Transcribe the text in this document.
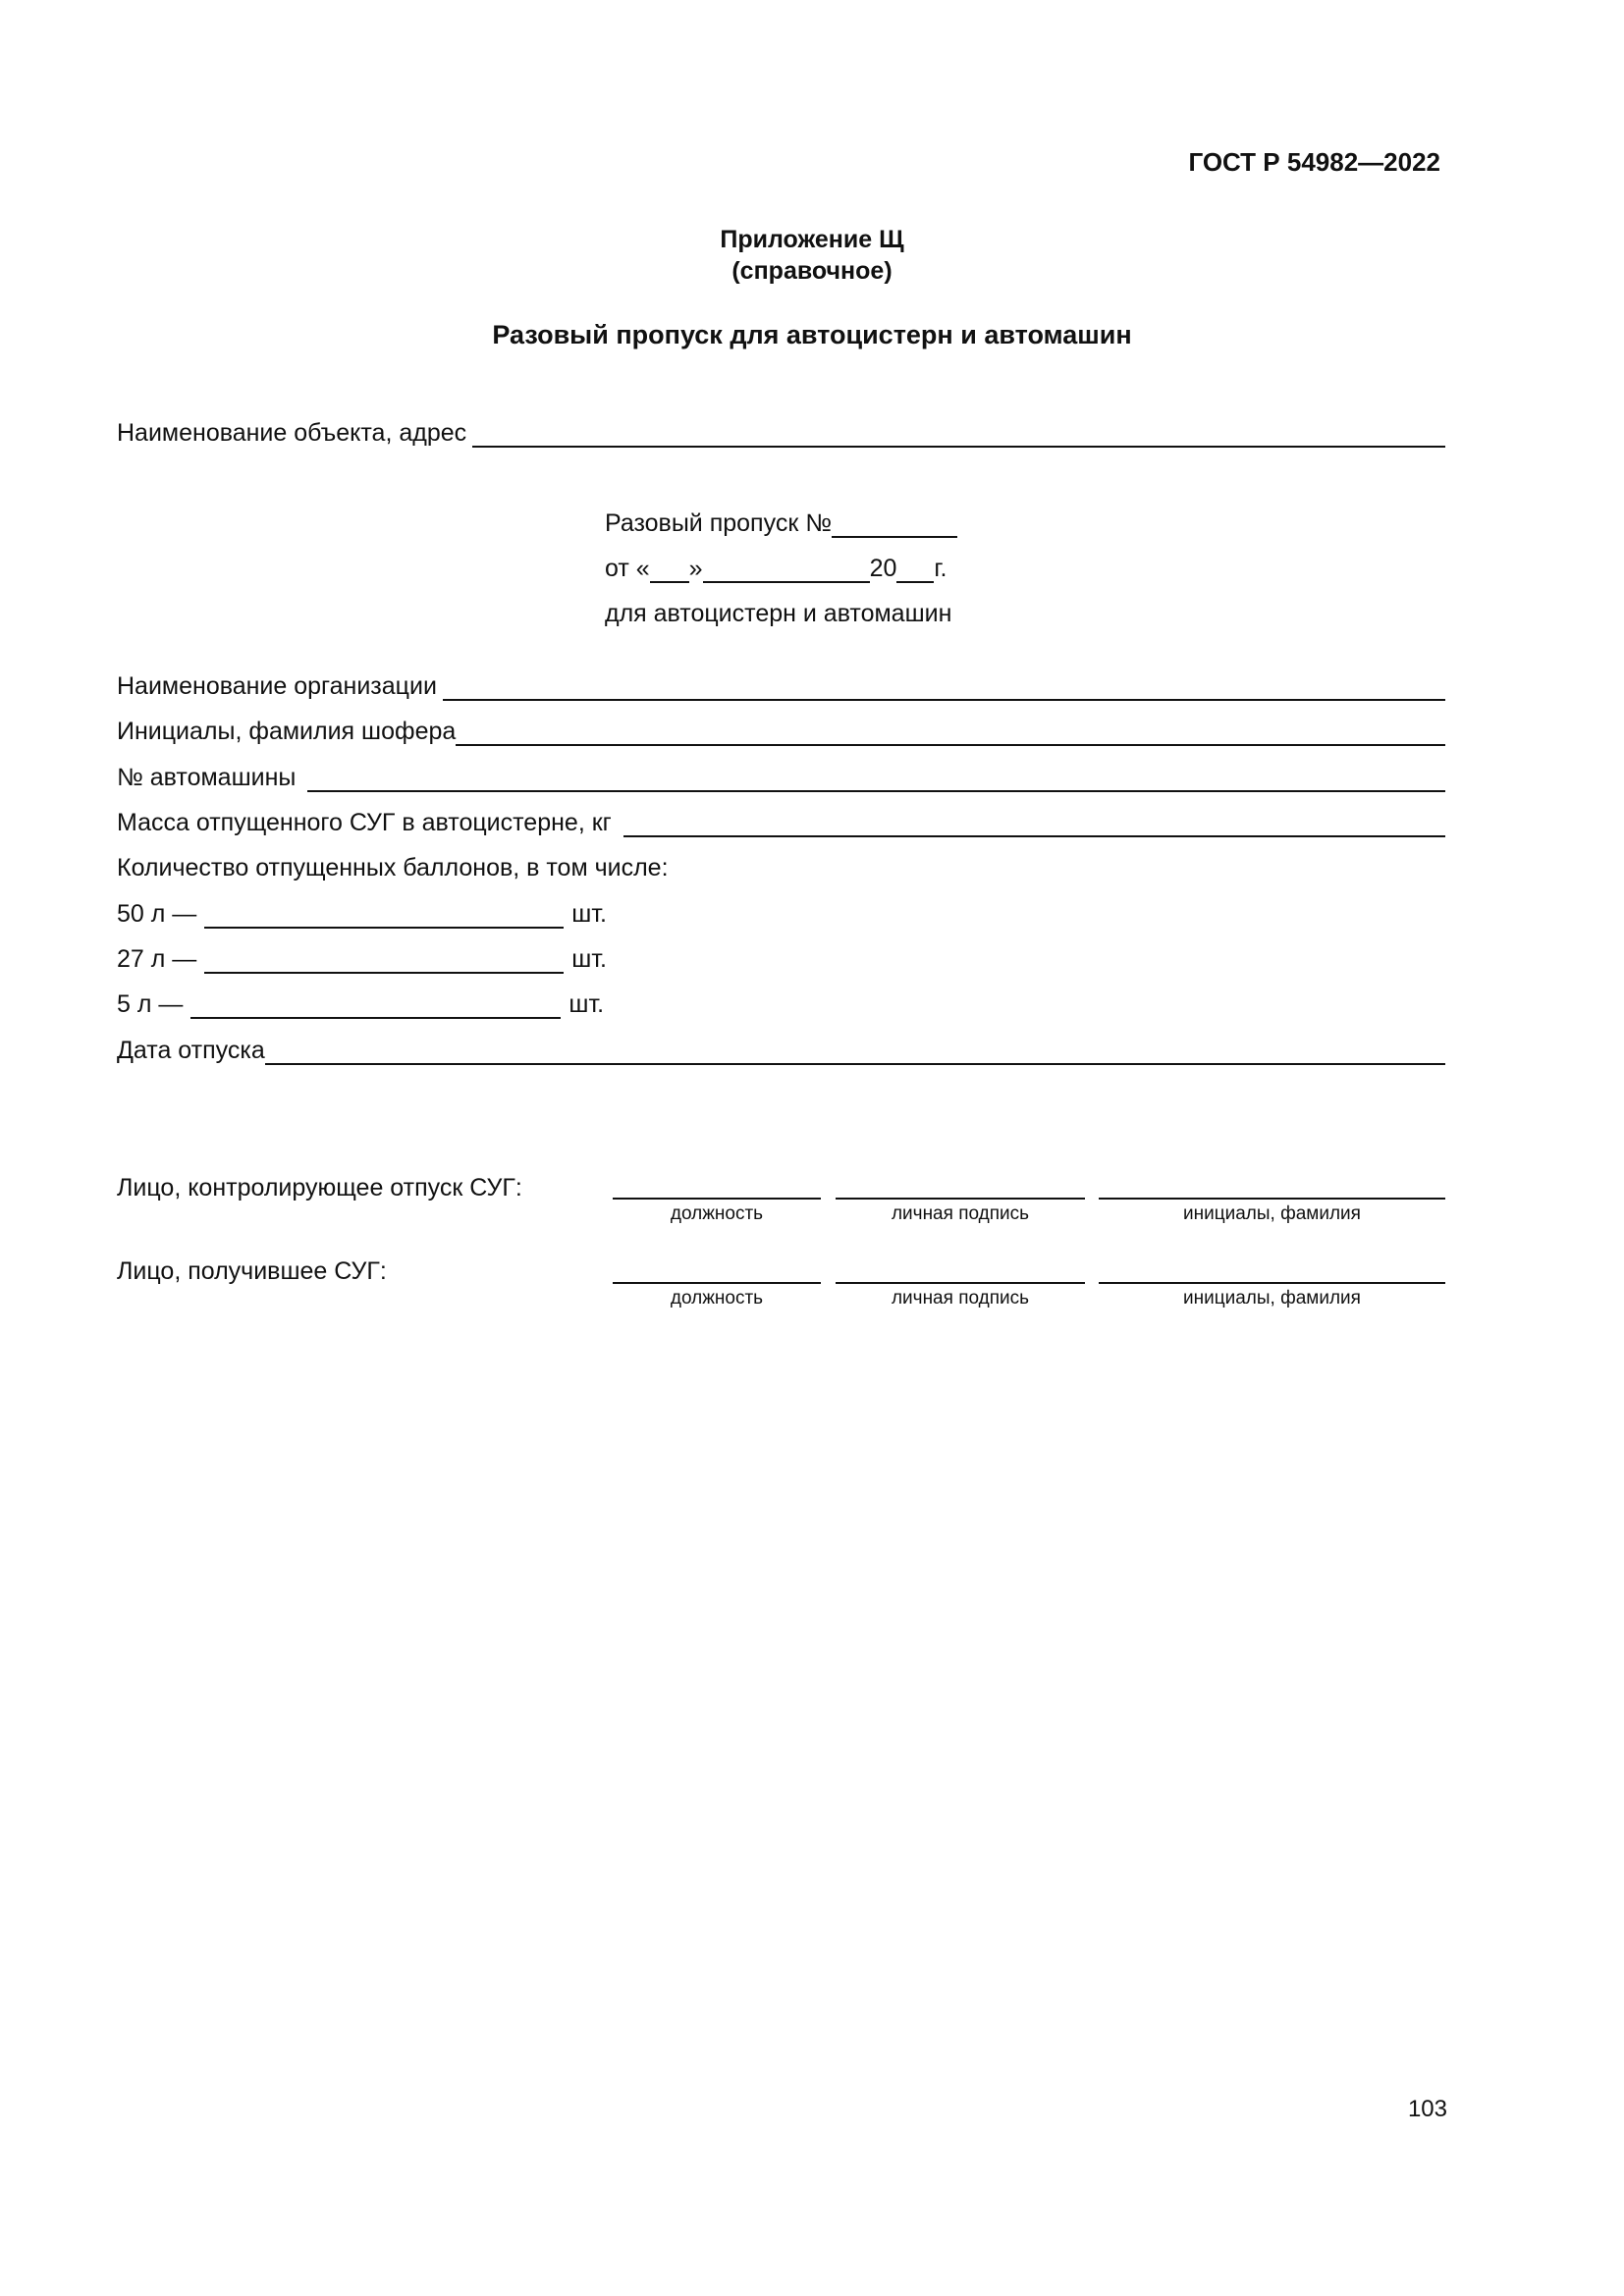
ГОСТ Р 54982—2022
Приложение Щ
(справочное)
Разовый пропуск для автоцистерн и автомашин
Наименование объекта, адрес
Разовый пропуск №
от « »	20 г.
для автоцистерн и автомашин
Наименование организации
Инициалы, фамилия шофера
№ автомашины
Масса отпущенного СУГ в автоцистерне, кг
Количество отпущенных баллонов, в том числе:
50 л —	шт.
27 л —	шт.
5 л —	шт.
Дата отпуска
Лицо, контролирующее отпуск СУГ:
должность	личная подпись	инициалы, фамилия
Лицо, получившее СУГ:
должность	личная подпись	инициалы, фамилия
103
